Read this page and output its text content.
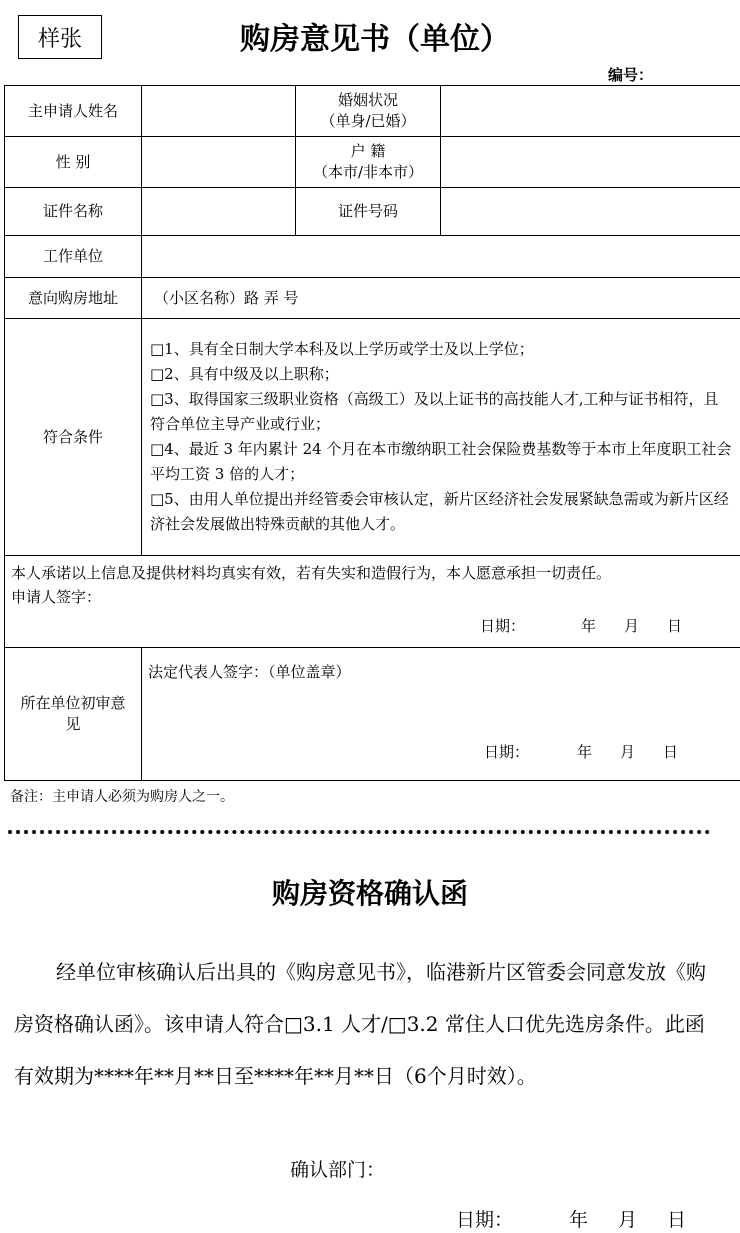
样张	购房意见书（单位）
编号：
主申请人姓名		婚姻状况
（单身/已婚）	

性 别		户 籍
（本市/非本市）	

证件名称		证件号码	
工作单位			
意向购房地址	（小区名称）路 弄 号		
符合条件	□1、具有全日制大学本科及以上学历或学士及以上学位；
□2、具有中级及以上职称；
□3、取得国家三级职业资格（高级工）及以上证书的高技能人才,工种与证书相符，且符合单位主导产业或行业；
□4、最近 3 年内累计 24 个月在本市缴纳职工社会保险费基数等于本市上年度职工社会平均工资 3 倍的人才；
□5、由用人单位提出并经管委会审核认定，新片区经济社会发展紧缺急需或为新片区经济社会发展做出特殊贡献的其他人才。		

本人承诺以上信息及提供材料均真实有效，若有失实和造假行为，本人愿意承担一切责任。
申请人签字：
日期： 年 月 日			

所在单位初审意见	法定代表人签字：（单位盖章）
日期： 年 月 日		
备注：主申请人必须为购房人之一。
购房资格确认函
经单位审核确认后出具的《购房意见书》，临港新片区管委会同意发放《购房资格确认函》。该申请人符合□3.1 人才/□3.2 常住人口优先选房条件。此函有效期为****年**月**日至****年**月**日（6个月时效）。
确认部门：
日期：	年 月 日
